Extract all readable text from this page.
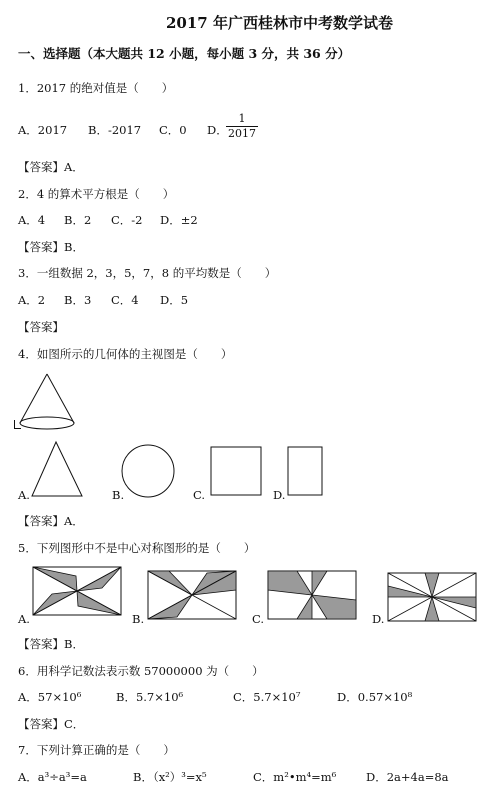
2017 年广西桂林市中考数学试卷
一、选择题（本大题共 12 小题，每小题 3 分，共 36 分）
1．2017 的绝对值是（　　）
A．2017 B．-2017 C．0 D．
$\frac{1}{2017}$
【答案】A．
2．4 的算术平方根是（　　）
A．4 B．2 C．-2 D．±2
【答案】B．
3．一组数据 2，3，5，7，8 的平均数是（　　）
A．2 B．3 C．4 D．5
【答案】
4．如图所示的几何体的主视图是（　　）
A.	B.	C.	D.
【答案】A．
5．下列图形中不是中心对称图形的是（　　）
A.	B.	C.	D.
【答案】B．
6．用科学记数法表示数 57000000 为（　　）
A．57×10⁶	B．5.7×10⁶	C．5.7×10⁷	D．0.57×10⁸
【答案】C．
7．下列计算正确的是（　　）
A．a³÷a³=a	B．（x²）³=x⁵	C．m²•m⁴=m⁶	D．2a+4a=8a
